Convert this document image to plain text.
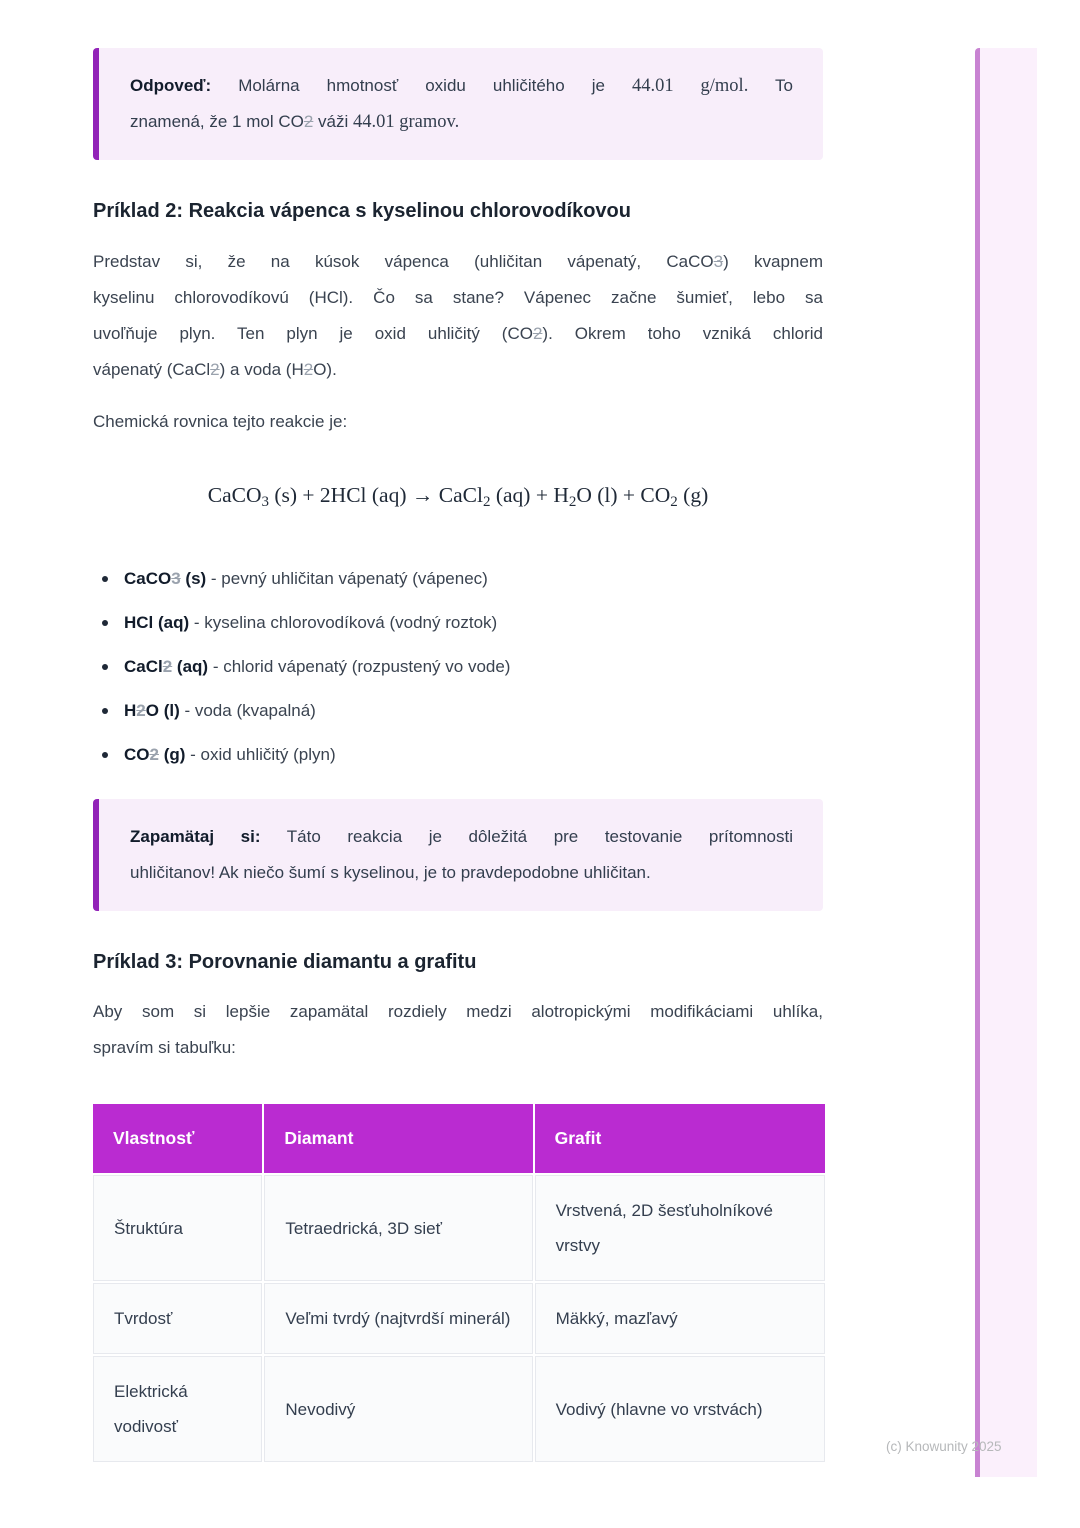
Odpoveď: Molárna hmotnosť oxidu uhličitého je 44.01 g/mol. To
znamená, že 1 mol CO2 váži 44.01 gramov.
Príklad 2: Reakcia vápenca s kyselinou chlorovodíkovou
Predstav si, že na kúsok vápenca (uhličitan vápenatý, CaCO3) kvapnem
kyselinu chlorovodíkovú (HCl). Čo sa stane? Vápenec začne šumieť, lebo sa
uvoľňuje plyn. Ten plyn je oxid uhličitý (CO2). Okrem toho vzniká chlorid
vápenatý (CaCl2) a voda (H2O).

Chemická rovnica tejto reakcie je:

CaCO3 (s) + 2HCl (aq) → CaCl2 (aq) + H2O (l) + CO2 (g)
CaCO3 (s) - pevný uhličitan vápenatý (vápenec)
HCl (aq) - kyselina chlorovodíková (vodný roztok)
CaCl2 (aq) - chlorid vápenatý (rozpustený vo vode)
H2O (l) - voda (kvapalná)
CO2 (g) - oxid uhličitý (plyn)
Zapamätaj si: Táto reakcia je dôležitá pre testovanie prítomnosti
uhličitanov! Ak niečo šumí s kyselinou, je to pravdepodobne uhličitan.
Príklad 3: Porovnanie diamantu a grafitu
Aby som si lepšie zapamätal rozdiely medzi alotropickými modifikáciami uhlíka,
spravím si tabuľku:
Vlastnosť	Diamant	Grafit
Štruktúra	Tetraedrická, 3D sieť	Vrstvená, 2D šesťuholníkové vrstvy
Tvrdosť	Veľmi tvrdý (najtvrdší minerál)	Mäkký, mazľavý
Elektrická vodivosť	Nevodivý	Vodivý (hlavne vo vrstvách)
(c) Knowunity 2025
